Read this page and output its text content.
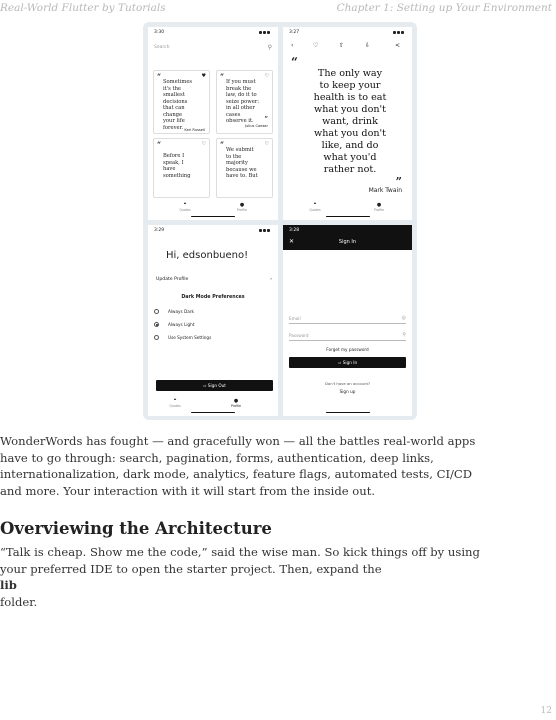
Real-World Flutter by Tutorials	Chapter 1: Setting up Your Environment
3:30
Search	⚲

“	♥
Sometimes
it's the
smallest
decisions
that can
change
your life
forever. Keri Russell
“	♡
If you must
break the
law, do it to
seize power:
in all other
cases
observe it.	”
Julius Caesar
“	♡
Before I
speak, I
have
something
“	♡
We submit
to the
majority
because we
have to. But
❝
Quotes
●
Profile
3:27
‹	♡	⇧	⇩	<
“
The only way
to keep your
health is to eat
what you don't
want, drink
what you don't
like, and do
what you'd
rather not.
”
Mark Twain
❝
Quotes
●
Profile
3:29
Hi, edsonbueno!
Update Profile	›
Dark Mode Preferences
Always Dark
Always Light
Use System Settings
⇨ Sign Out
❝
Quotes
●
Profile
3:28
✕	Sign In
Email	◎
Password	⚲
Forget my password
⇨ Sign In
Don't have an account?
Sign up
WonderWords has fought — and gracefully won — all the battles real-world apps
have to go through: search, pagination, forms, authentication, deep links,
internationalization, dark mode, analytics, feature flags, automated tests, CI/CD
and more. Your interaction with it will start from the inside out.
Overviewing the Architecture
“Talk is cheap. Show me the code,” said the wise man. So kick things off by using
your preferred IDE to open the starter project. Then, expand the
lib
folder.
12
